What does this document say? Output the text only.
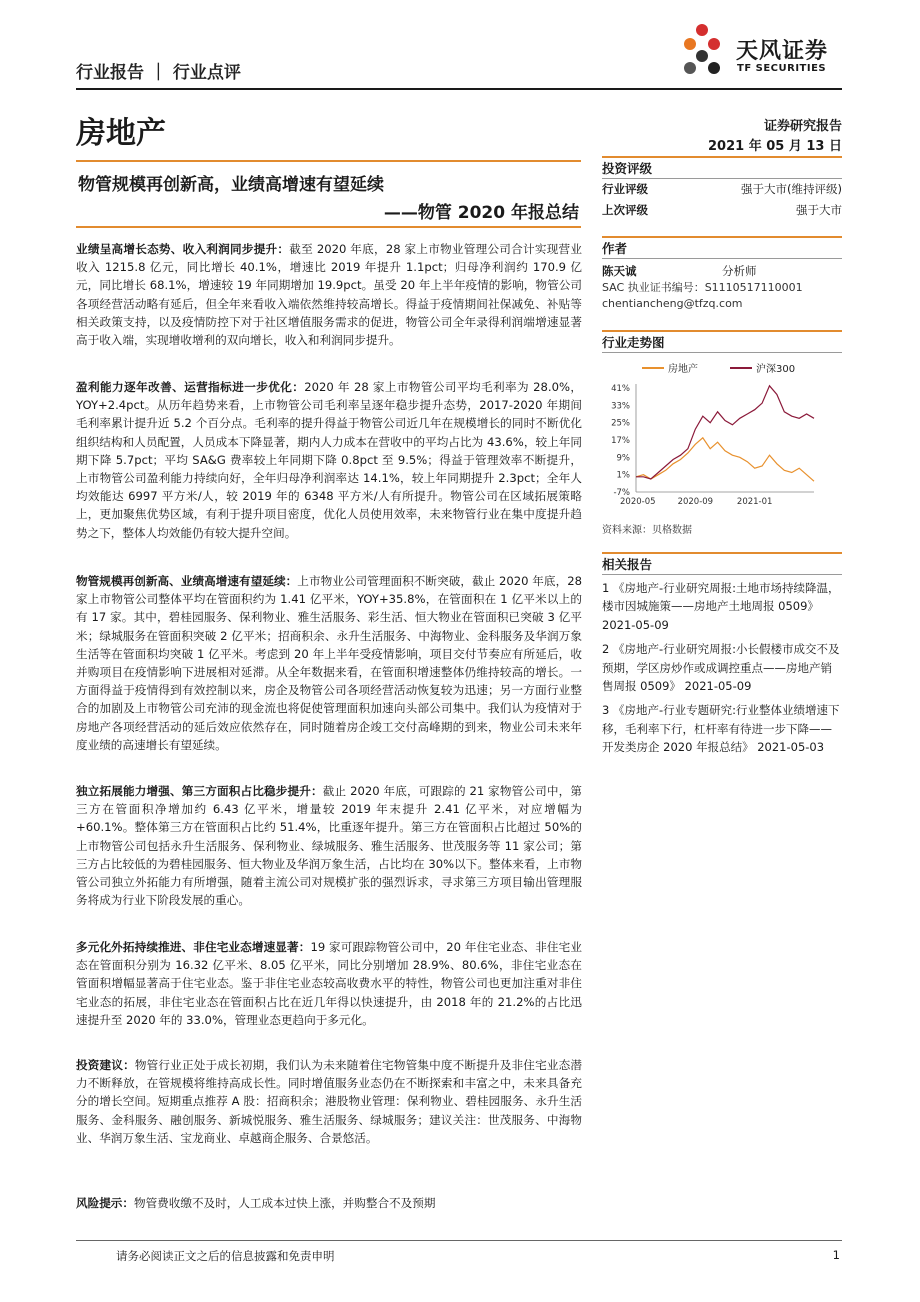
行业报告 ｜ 行业点评
天风证券
TF SECURITIES
房地产	证券研究报告
2021 年 05 月 13 日
物管规模再创新高，业绩高增速有望延续
——物管 2020 年报总结

业绩呈高增长态势、收入利润同步提升：截至 2020 年底，28 家上市物业管理公司合计实现营业收入 1215.8 亿元，同比增长 40.1%，增速比 2019 年提升 1.1pct；归母净利润约 170.9 亿元，同比增长 68.1%，增速较 19 年同期增加 19.9pct。虽受 20 年上半年疫情的影响，物管公司各项经营活动略有延后，但全年来看收入端依然维持较高增长。得益于疫情期间社保减免、补贴等相关政策支持，以及疫情防控下对于社区增值服务需求的促进，物管公司全年录得利润端增速显著高于收入端，实现增收增利的双向增长，收入和利润同步提升。

盈利能力逐年改善、运营指标进一步优化：2020 年 28 家上市物管公司平均毛利率为 28.0%，YOY+2.4pct。从历年趋势来看，上市物管公司毛利率呈逐年稳步提升态势，2017-2020 年期间毛利率累计提升近 5.2 个百分点。毛利率的提升得益于物管公司近几年在规模增长的同时不断优化组织结构和人员配置，人员成本下降显著，期内人力成本在营收中的平均占比为 43.6%，较上年同期下降 5.7pct；平均 SA&G 费率较上年同期下降 0.8pct 至 9.5%；得益于管理效率不断提升，上市物管公司盈利能力持续向好，全年归母净利润率达 14.1%，较上年同期提升 2.3pct；全年人均效能达 6997 平方米/人，较 2019 年的 6348 平方米/人有所提升。物管公司在区域拓展策略上，更加聚焦优势区域，有利于提升项目密度，优化人员使用效率，未来物管行业在集中度提升趋势之下，整体人均效能仍有较大提升空间。

物管规模再创新高、业绩高增速有望延续：上市物业公司管理面积不断突破，截止 2020 年底，28 家上市物管公司整体平均在管面积约为 1.41 亿平米，YOY+35.8%，在管面积在 1 亿平米以上的有 17 家。其中，碧桂园服务、保利物业、雅生活服务、彩生活、恒大物业在管面积已突破 3 亿平米；绿城服务在管面积突破 2 亿平米；招商积余、永升生活服务、中海物业、金科服务及华润万象生活等在管面积均突破 1 亿平米。考虑到 20 年上半年受疫情影响，项目交付节奏应有所延后，收并购项目在疫情影响下进展相对延滞。从全年数据来看，在管面积增速整体仍维持较高的增长。一方面得益于疫情得到有效控制以来，房企及物管公司各项经营活动恢复较为迅速；另一方面行业整合的加剧及上市物管公司充沛的现金流也将促使管理面积加速向头部公司集中。我们认为疫情对于房地产各项经营活动的延后效应依然存在，同时随着房企竣工交付高峰期的到来，物业公司未来年度业绩的高速增长有望延续。

独立拓展能力增强、第三方面积占比稳步提升：截止 2020 年底，可跟踪的 21 家物管公司中，第三方在管面积净增加约 6.43 亿平米，增量较 2019 年末提升 2.41 亿平米，对应增幅为+60.1%。整体第三方在管面积占比约 51.4%，比重逐年提升。第三方在管面积占比超过 50%的上市物管公司包括永升生活服务、保利物业、绿城服务、雅生活服务、世茂服务等 11 家公司；第三方占比较低的为碧桂园服务、恒大物业及华润万象生活，占比均在 30%以下。整体来看，上市物管公司独立外拓能力有所增强，随着主流公司对规模扩张的强烈诉求，寻求第三方项目输出管理服务将成为行业下阶段发展的重心。

多元化外拓持续推进、非住宅业态增速显著：19 家可跟踪物管公司中，20 年住宅业态、非住宅业态在管面积分别为 16.32 亿平米、8.05 亿平米，同比分别增加 28.9%、80.6%，非住宅业态在管面积增幅显著高于住宅业态。鉴于非住宅业态较高收费水平的特性，物管公司也更加注重对非住宅业态的拓展，非住宅业态在管面积占比在近几年得以快速提升，由 2018 年的 21.2%的占比迅速提升至 2020 年的 33.0%，管理业态更趋向于多元化。

投资建议：物管行业正处于成长初期，我们认为未来随着住宅物管集中度不断提升及非住宅业态潜力不断释放，在管规模将维持高成长性。同时增值服务业态仍在不断探索和丰富之中，未来具备充分的增长空间。短期重点推荐 A 股：招商积余；港股物业管理：保利物业、碧桂园服务、永升生活服务、金科服务、融创服务、新城悦服务、雅生活服务、绿城服务；建议关注：世茂服务、中海物业、华润万象生活、宝龙商业、卓越商企服务、合景悠活。

风险提示：物管费收缴不及时，人工成本过快上涨，并购整合不及预期

投资评级
行业评级	强于大市(维持评级)
上次评级	强于大市
作者
陈天诚	分析师
SAC 执业证书编号：S1110517110001
chentiancheng@tfzq.com
行业走势图
房地产	沪深300
41%
33%
25%
17%
9%
1%
-7%
2020-05	2020-09	2021-01
资料来源：贝格数据
相关报告

1 《房地产-行业研究周报:土地市场持续降温，楼市因城施策——房地产土地周报 0509》 2021-05-09

2 《房地产-行业研究周报:小长假楼市成交不及预期，学区房炒作或成调控重点——房地产销售周报 0509》 2021-05-09

3 《房地产-行业专题研究:行业整体业绩增速下移，毛利率下行，杠杆率有待进一步下降——开发类房企 2020 年报总结》 2021-05-03

请务必阅读正文之后的信息披露和免责申明	1
